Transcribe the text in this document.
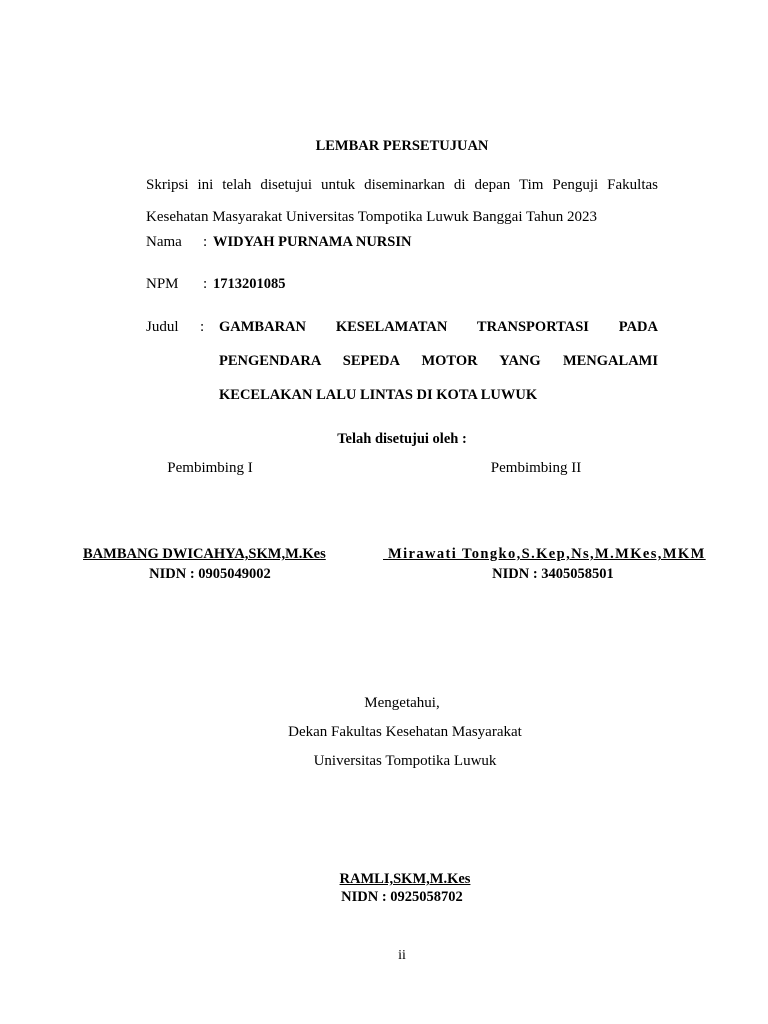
LEMBAR PERSETUJUAN
Skripsi ini telah disetujui untuk diseminarkan di depan Tim Penguji Fakultas Kesehatan Masyarakat Universitas Tompotika Luwuk Banggai Tahun 2023
Nama : WIDYAH PURNAMA NURSIN
NPM : 1713201085
Judul : GAMBARAN KESELAMATAN TRANSPORTASI PADA
PENGENDARA SEPEDA MOTOR YANG MENGALAMI
KECELAKAN LALU LINTAS DI KOTA LUWUK
Telah disetujui oleh :
Pembimbing I	Pembimbing II
BAMBANG DWICAHYA,SKM,M.Kes
NIDN : 0905049002
Mirawati Tongko,S.Kep,Ns,M.MKes,MKM
NIDN : 3405058501
Mengetahui,
Dekan Fakultas Kesehatan Masyarakat
Universitas Tompotika Luwuk
RAMLI,SKM,M.Kes
NIDN : 0925058702
ii
